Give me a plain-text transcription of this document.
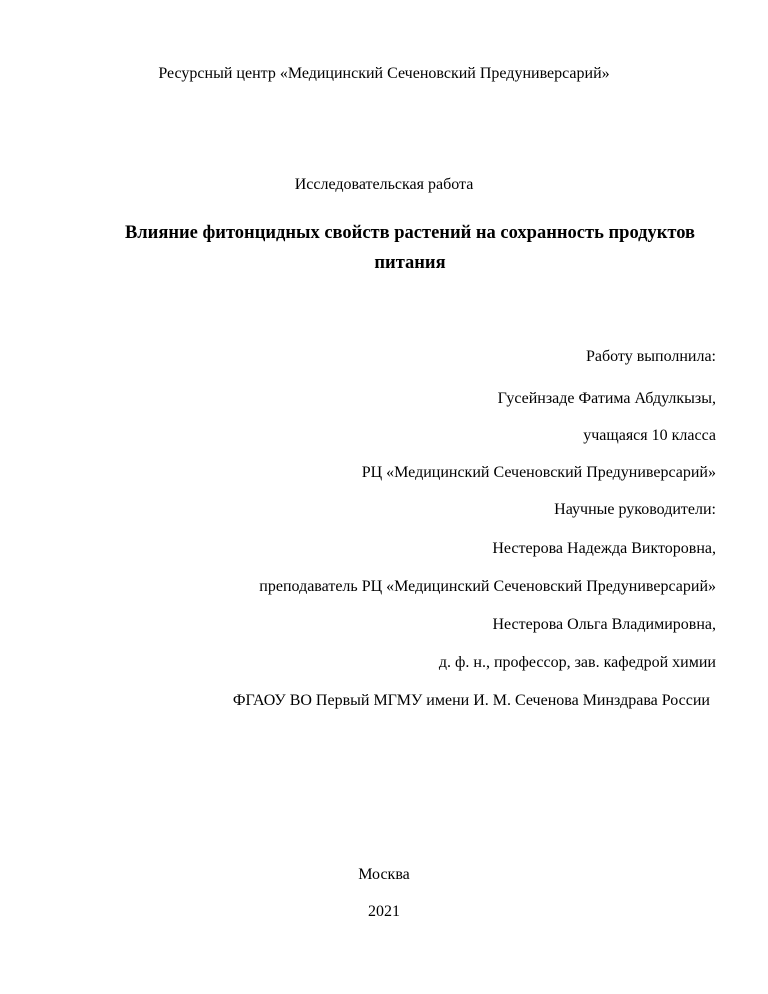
Ресурсный центр «Медицинский Сеченовский Предуниверсарий»
Исследовательская работа
Влияние фитонцидных свойств растений на сохранность продуктов
питания
Работу выполнила:
Гусейнзаде Фатима Абдулкызы,
учащаяся 10 класса
РЦ «Медицинский Сеченовский Предуниверсарий»
Научные руководители:
Нестерова Надежда Викторовна,
преподаватель РЦ «Медицинский Сеченовский Предуниверсарий»
Нестерова Ольга Владимировна,
д. ф. н., профессор, зав. кафедрой химии
ФГАОУ ВО Первый МГМУ имени И. М. Сеченова Минздрава России
Москва
2021
